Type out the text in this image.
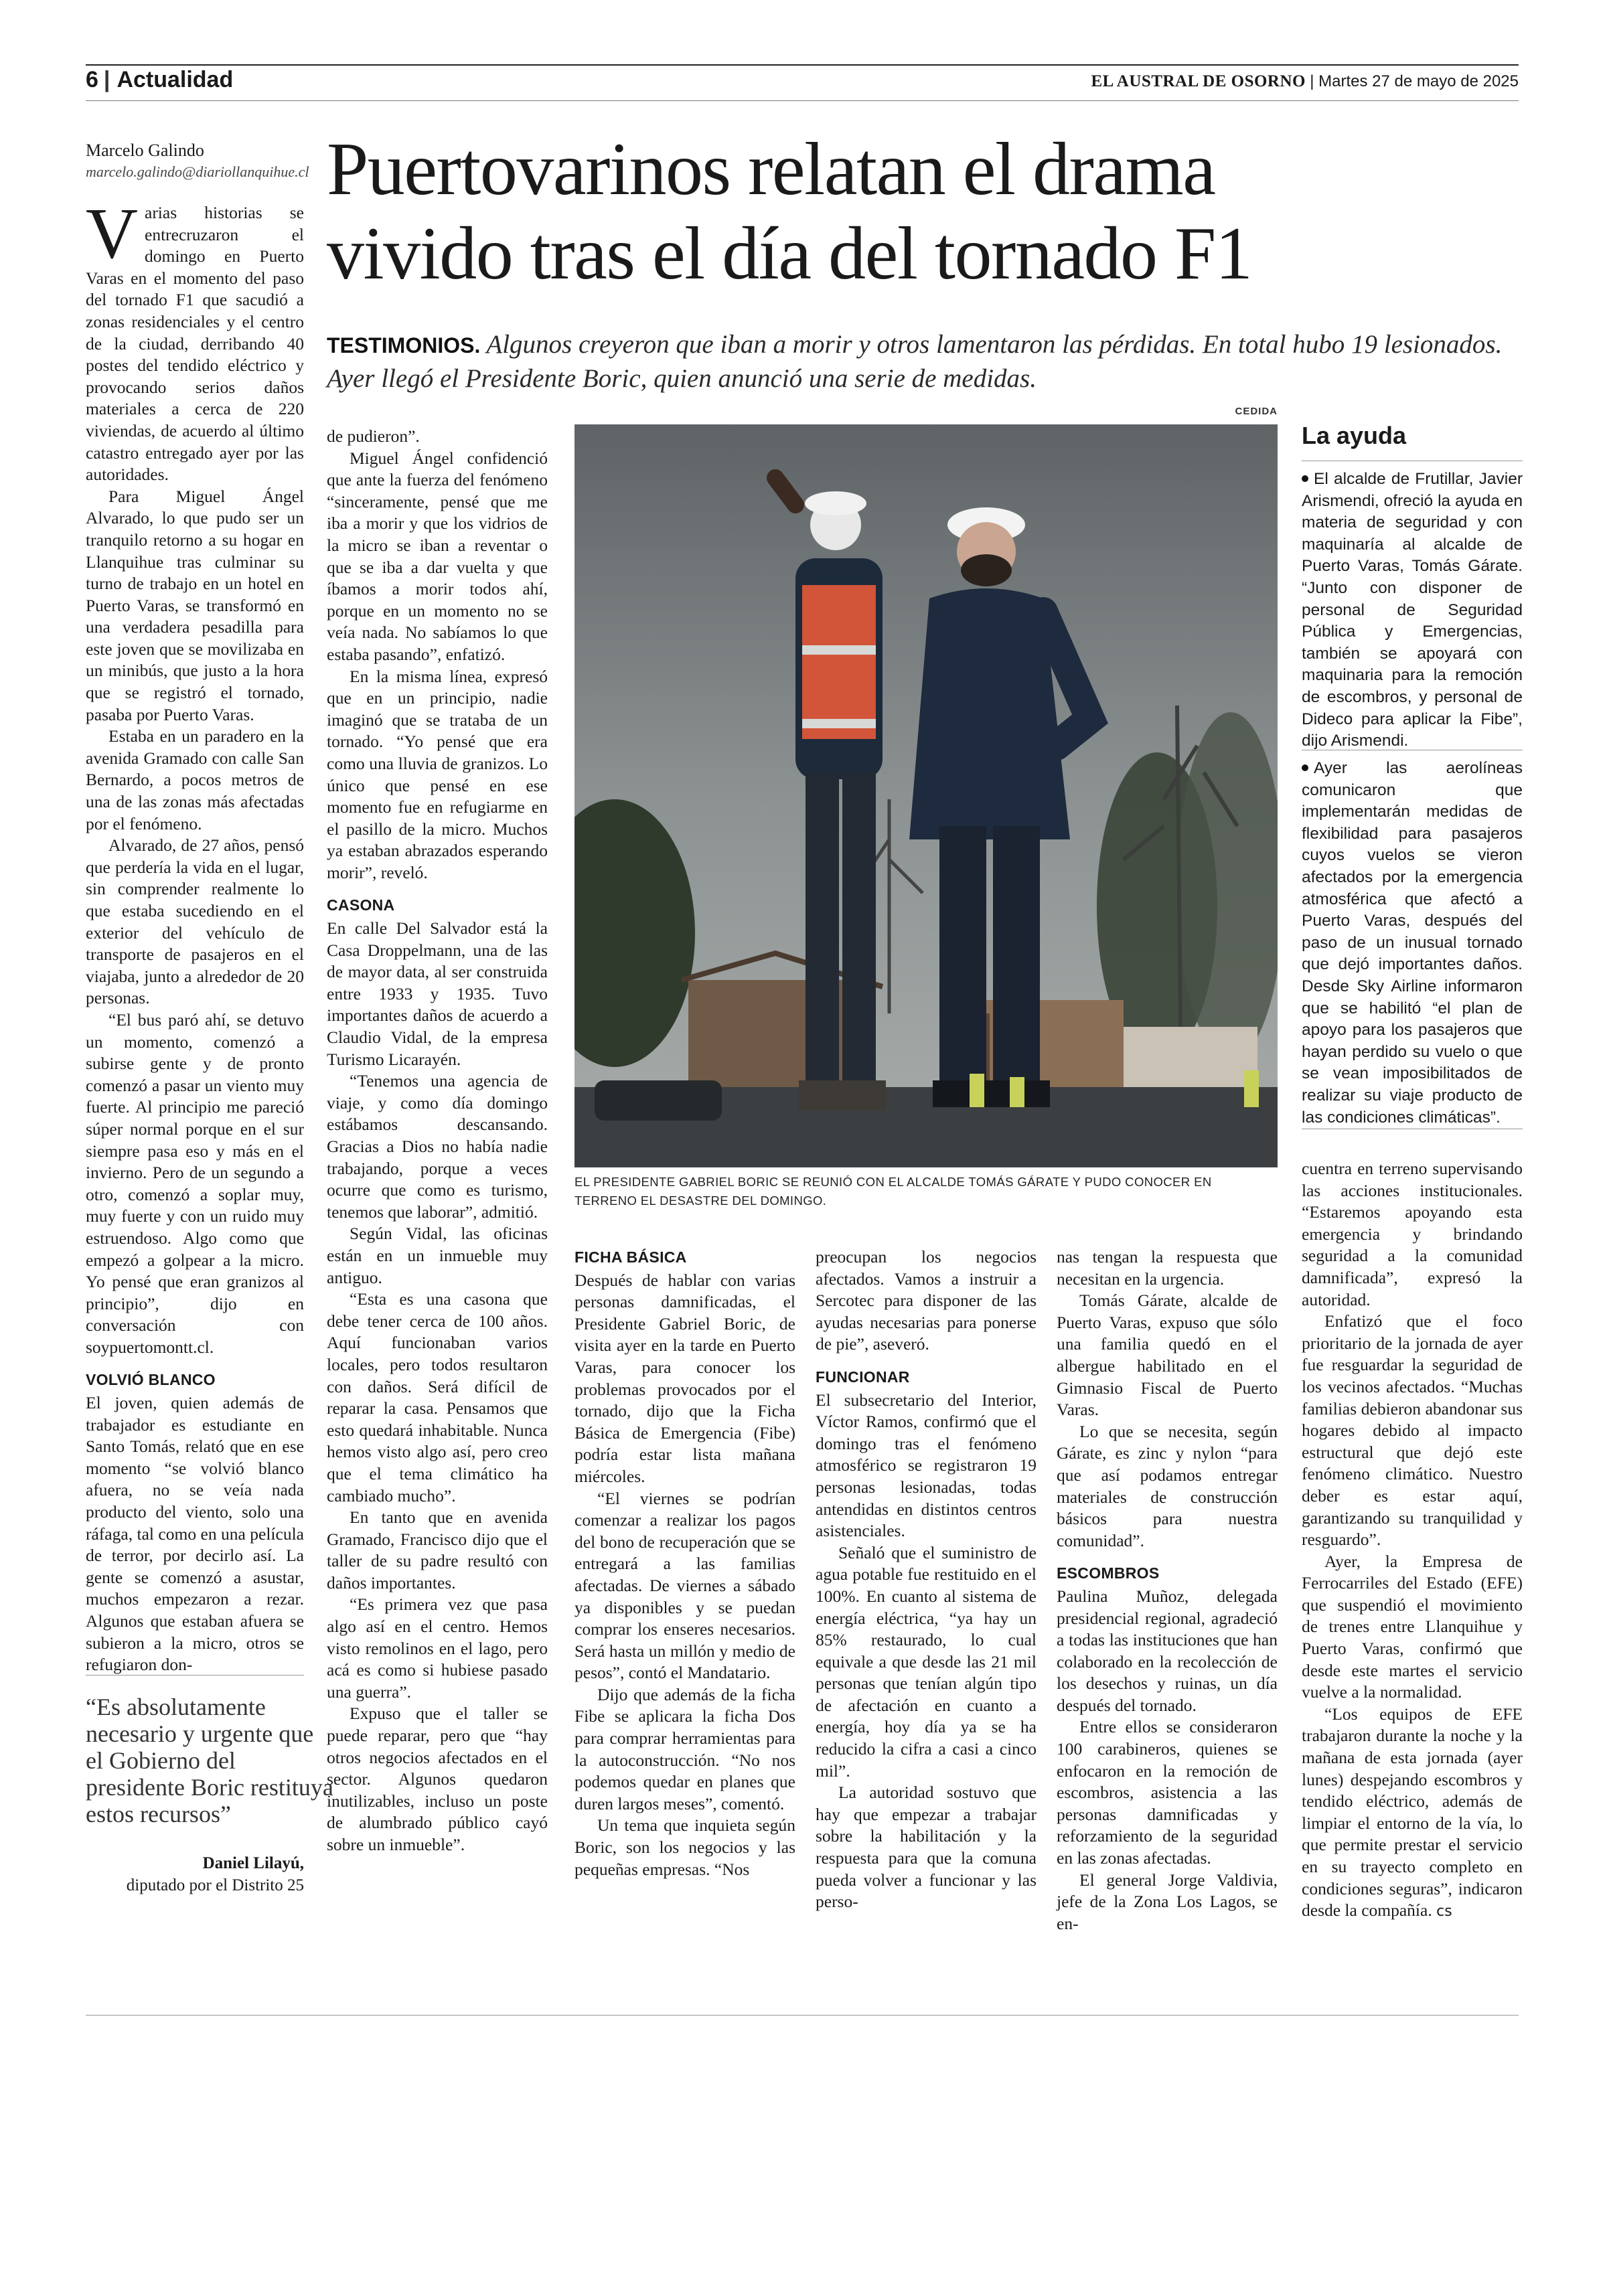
6 | Actualidad	EL AUSTRAL DE OSORNO | Martes 27 de mayo de 2025
Marcelo Galindo
marcelo.galindo@diariollanquihue.cl Puertovarinos relatan el drama
vivido tras el día del tornado F1
TESTIMONIOS. Algunos creyeron que iban a morir y otros lamentaron las pérdidas. En total hubo 19 lesionados. Ayer llegó el Presidente Boric, quien anunció una serie de medidas.
CEDIDA

Varias historias se entrecruzaron el domingo en Puerto Varas en el momento del paso del tornado F1 que sacudió a zonas residenciales y el centro de la ciudad, derribando 40 postes del tendido eléctrico y provocando serios daños materiales a cerca de 220 viviendas, de acuerdo al último catastro entregado ayer por las autoridades.

Para Miguel Ángel Alvarado, lo que pudo ser un tranquilo retorno a su hogar en Llanquihue tras culminar su turno de trabajo en un hotel en Puerto Varas, se transformó en una verdadera pesadilla para este joven que se movilizaba en un minibús, que justo a la hora que se registró el tornado, pasaba por Puerto Varas.

Estaba en un paradero en la avenida Gramado con calle San Bernardo, a pocos metros de una de las zonas más afectadas por el fenómeno.

Alvarado, de 27 años, pensó que perdería la vida en el lugar, sin comprender realmente lo que estaba sucediendo en el exterior del vehículo de transporte de pasajeros en el viajaba, junto a alrededor de 20 personas.

“El bus paró ahí, se detuvo un momento, comenzó a subirse gente y de pronto comenzó a pasar un viento muy fuerte. Al principio me pareció súper normal porque en el sur siempre pasa eso y más en el invierno. Pero de un segundo a otro, comenzó a soplar muy, muy fuerte y con un ruido muy estruendoso. Algo como que empezó a golpear a la micro. Yo pensé que eran granizos al principio”, dijo en conversación con soypuertomontt.cl.

VOLVIÓ BLANCO

El joven, quien además de trabajador es estudiante en Santo Tomás, relató que en ese momento “se volvió blanco afuera, no se veía nada producto del viento, solo una ráfaga, tal como en una película de terror, por decirlo así. La gente se comenzó a asustar, muchos empezaron a rezar. Algunos que estaban afuera se subieron a la micro, otros se refugiaron don-

“Es absolutamente necesario y urgente que el Gobierno del presidente Boric restituya estos recursos”
Daniel Lilayú,
diputado por el Distrito 25

de pudieron”.

Miguel Ángel confidenció que ante la fuerza del fenómeno “sinceramente, pensé que me iba a morir y que los vidrios de la micro se iban a reventar o que se iba a dar vuelta y que íbamos a morir todos ahí, porque en un momento no se veía nada. No sabíamos lo que estaba pasando”, enfatizó.

En la misma línea, expresó que en un principio, nadie imaginó que se trataba de un tornado. “Yo pensé que era como una lluvia de granizos. Lo único que pensé en ese momento fue en refugiarme en el pasillo de la micro. Muchos ya estaban abrazados esperando morir”, reveló.

CASONA

En calle Del Salvador está la Casa Droppelmann, una de las de mayor data, al ser construida entre 1933 y 1935. Tuvo importantes daños de acuerdo a Claudio Vidal, de la empresa Turismo Licarayén.

“Tenemos una agencia de viaje, y como día domingo estábamos descansando. Gracias a Dios no había nadie trabajando, porque a veces ocurre que como es turismo, tenemos que laborar”, admitió.

Según Vidal, las oficinas están en un inmueble muy antiguo.

“Esta es una casona que debe tener cerca de 100 años. Aquí funcionaban varios locales, pero todos resultaron con daños. Será difícil de reparar la casa. Pensamos que esto quedará inhabitable. Nunca hemos visto algo así, pero creo que el tema climático ha cambiado mucho”.

En tanto que en avenida Gramado, Francisco dijo que el taller de su padre resultó con daños importantes.

“Es primera vez que pasa algo así en el centro. Hemos visto remolinos en el lago, pero acá es como si hubiese pasado una guerra”.

Expuso que el taller se puede reparar, pero que “hay otros negocios afectados en el sector. Algunos quedaron inutilizables, incluso un poste de alumbrado público cayó sobre un inmueble”.

EL PRESIDENTE GABRIEL BORIC SE REUNIÓ CON EL ALCALDE TOMÁS GÁRATE Y PUDO CONOCER EN TERRENO EL DESASTRE DEL DOMINGO.
FICHA BÁSICA

Después de hablar con varias personas damnificadas, el Presidente Gabriel Boric, de visita ayer en la tarde en Puerto Varas, para conocer los problemas provocados por el tornado, dijo que la Ficha Básica de Emergencia (Fibe) podría estar lista mañana miércoles.

“El viernes se podrían comenzar a realizar los pagos del bono de recuperación que se entregará a las familias afectadas. De viernes a sábado ya disponibles y se puedan comprar los enseres necesarios. Será hasta un millón y medio de pesos”, contó el Mandatario.

Dijo que además de la ficha Fibe se aplicara la ficha Dos para comprar herramientas para la autoconstrucción. “No nos podemos quedar en planes que duren largos meses”, comentó.

Un tema que inquieta según Boric, son los negocios y las pequeñas empresas. “Nos

preocupan los negocios afectados. Vamos a instruir a Sercotec para disponer de las ayudas necesarias para ponerse de pie”, aseveró.

FUNCIONAR

El subsecretario del Interior, Víctor Ramos, confirmó que el domingo tras el fenómeno atmosférico se registraron 19 personas lesionadas, todas antendidas en distintos centros asistenciales.

Señaló que el suministro de agua potable fue restituido en el 100%. En cuanto al sistema de energía eléctrica, “ya hay un 85% restaurado, lo cual equivale a que desde las 21 mil personas que tenían algún tipo de afectación en cuanto a energía, hoy día ya se ha reducido la cifra a casi a cinco mil”.

La autoridad sostuvo que hay que empezar a trabajar sobre la habilitación y la respuesta para que la comuna pueda volver a funcionar y las perso-

nas tengan la respuesta que necesitan en la urgencia.

Tomás Gárate, alcalde de Puerto Varas, expuso que sólo una familia quedó en el albergue habilitado en el Gimnasio Fiscal de Puerto Varas.

Lo que se necesita, según Gárate, es zinc y nylon “para que así podamos entregar materiales de construcción básicos para nuestra comunidad”.

ESCOMBROS

Paulina Muñoz, delegada presidencial regional, agradeció a todas las instituciones que han colaborado en la recolección de los desechos y ruinas, un día después del tornado.

Entre ellos se consideraron 100 carabineros, quienes se enfocaron en la remoción de escombros, asistencia a las personas damnificadas y reforzamiento de la seguridad en las zonas afectadas.

El general Jorge Valdivia, jefe de la Zona Los Lagos, se en-

La ayuda

El alcalde de Frutillar, Javier Arismendi, ofreció la ayuda en materia de seguridad y con maquinaría al alcalde de Puerto Varas, Tomás Gárate. “Junto con disponer de personal de Seguridad Pública y Emergencias, también se apoyará con maquinaria para la remoción de escombros, y personal de Dideco para aplicar la Fibe”, dijo Arismendi.

Ayer las aerolíneas comunicaron que implementarán medidas de flexibilidad para pasajeros cuyos vuelos se vieron afectados por la emergencia atmosférica que afectó a Puerto Varas, después del paso de un inusual tornado que dejó importantes daños. Desde Sky Airline informaron que se habilitó “el plan de apoyo para los pasajeros que hayan perdido su vuelo o que se vean imposibilitados de realizar su viaje producto de las condiciones climáticas”.

cuentra en terreno supervisando las acciones institucionales. “Estaremos apoyando esta emergencia y brindando seguridad a la comunidad damnificada”, expresó la autoridad.

Enfatizó que el foco prioritario de la jornada de ayer fue resguardar la seguridad de los vecinos afectados. “Muchas familias debieron abandonar sus hogares debido al impacto estructural que dejó este fenómeno climático. Nuestro deber es estar aquí, garantizando su tranquilidad y resguardo”.

Ayer, la Empresa de Ferrocarriles del Estado (EFE) que suspendió el movimiento de trenes entre Llanquihue y Puerto Varas, confirmó que desde este martes el servicio vuelve a la normalidad.

“Los equipos de EFE trabajaron durante la noche y la mañana de esta jornada (ayer lunes) despejando escombros y tendido eléctrico, además de limpiar el entorno de la vía, lo que permite prestar el servicio en su trayecto completo en condiciones seguras”, indicaron desde la compañía. cs
